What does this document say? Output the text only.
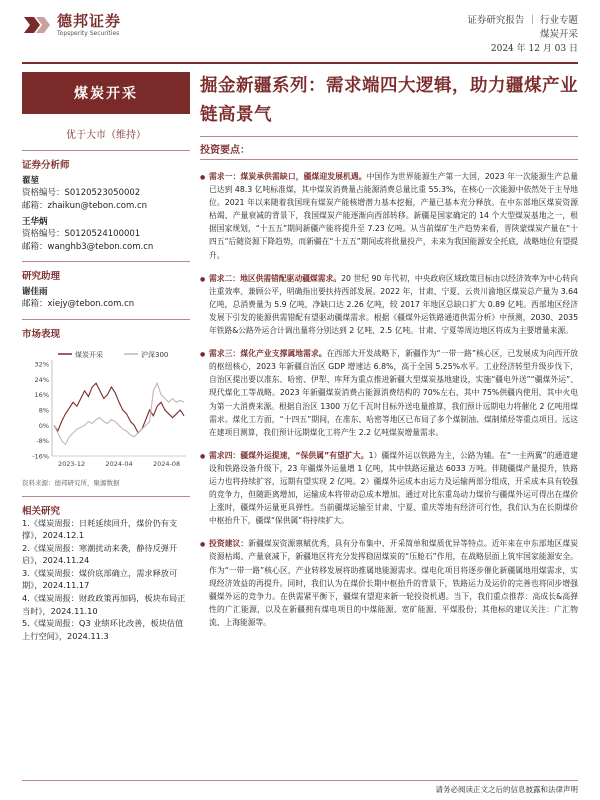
德邦证券
Topsperity Securities
证券研究报告 ｜ 行业专题
煤炭开采
2024 年 12 月 03 日
煤炭开采
优于大市（维持）
证券分析师
翟堃
资格编号：S0120523050002
邮箱：zhaikun@tebon.com.cn
王华炳
资格编号：S0120524100001
邮箱：wanghb3@tebon.com.cn
研究助理
谢佳雨
邮箱：xiejy@tebon.com.cn
市场表现
煤炭开采	沪深300
32%
24%
16%
8%
0%
-8%
-16%
2023-12	2024-04	2024-08
资料来源：德邦研究所，聚源数据
相关研究
1.《煤炭周报：日耗延续回升，煤价仍有支撑》，2024.12.1
2.《煤炭周报：寒潮扰动来袭，静待反弹开启》，2024.11.24
3.《煤炭周报：煤价底部确立，需求释放可期》，2024.11.17
4.《煤炭周报：财政政策再加码，板块布局正当时》，2024.11.10
5.《煤炭周报：Q3 业绩环比改善，板块估值上行空间》，2024.11.3
掘金新疆系列：需求端四大逻辑，助力疆煤产业链高景气
投资要点：
● 需求一：煤炭承供需缺口，疆煤迎发展机遇。中国作为世界能源生产第一大国，2023 年一次能源生产总量已达到 48.3 亿吨标准煤，其中煤炭消费量占能源消费总量比重 55.3%，在核心一次能源中依然处于主导地位。2021 年以来随着我国现有煤炭产能核增潜力基本挖掘，产量已基本充分释放。在中东部地区煤炭资源枯竭、产量衰减的背景下，我国煤炭产能逐渐向西部转移。新疆是国家确定的 14 个大型煤炭基地之一，根据国家规划，“十五五”期间新疆产能将提升至 7.23 亿吨。从当前煤矿生产趋势来看，晋陕蒙煤炭产量在“十四五”后随资源下降趋势，而新疆在“十五五”期间或将批量投产，未来为我国能源安全托底，战略地位有望提升。
● 需求二：地区供需错配驱动疆煤需求。20 世纪 90 年代初，中央政府区域政策目标由以经济效率为中心转向注重效率、兼顾公平，明确指出要扶持西部发展。2022 年，甘肃、宁夏、云贵川渝地区煤炭总产量为 3.64 亿吨，总消费量为 5.9 亿吨，净缺口达 2.26 亿吨，较 2017 年地区总缺口扩大 0.89 亿吨。西部地区经济发展下引发的能源供需错配有望驱动疆煤需求。根据《疆煤外运铁路通道供需分析》中预测，2030、2035 年铁路&公路外运合计调出量将分别达到 2 亿吨、2.5 亿吨。甘肃、宁夏等周边地区将成为主要增量来源。
● 需求三：煤化产业支撑属地需求。在西部大开发战略下，新疆作为“一带一路”核心区，已发展成为向西开放的枢纽核心，2023 年新疆自治区 GDP 增速达 6.8%，高于全国 5.25%水平。工业经济转型升级步伐下，自治区提出要以准东、哈密、伊犁、库拜为重点推进新疆大型煤炭基地建设，实施“疆电外送”“疆煤外运”、现代煤化工等战略。2023 年新疆煤炭消费占能源消费结构的 70%左右，其中 75%供疆内使用，其中火电为第一大消费来源。根据自治区 1300 万亿千瓦时目标外送电量推算，我们预计远期电力将催化 2 亿吨用煤需求。煤化工方面，“十四五”期间，在准东、哈密等地区已布局了多个煤制油、煤制烯烃等重点项目。远这在建项目测算，我们预计远期煤化工将产生 2.2 亿吨煤炭增量需求。
● 需求四：疆煤外运提速，“保供属”有望扩大。1）疆煤外运以铁路为主，公路为辅。在“一主两翼”的通道建设和铁路设备升级下，23 年疆煤外运量增 1 亿吨，其中铁路运量达 6033 万吨。伴随疆煤产量提升，铁路运力也将持续扩容，远期有望实现 2 亿吨。2）疆煤外运成本由运力及运输两部分组成，开采成本具有较强的竞争力，但随距离增加，运输成本将带动总成本增加。通过对比东重岛动力煤价与疆煤外运可得出在煤价上涨时，疆煤外运量更具弹性。当前疆煤运输至甘肃、宁夏、重庆等地有经济可行性，我们认为在长期煤价中枢抬升下，疆煤“保供属”将持续扩大。
● 投资建议：新疆煤炭资源禀赋优秀，具有分布集中、开采简单和煤质优异等特点。近年来在中东部地区煤炭资源枯竭、产量衰减下，新疆地区将充分发挥稳固煤炭的“压舱石”作用，在战略层面上筑牢国家能源安全。作为“一带一路”核心区，产业转移发展将助推属地能源需求。煤电化项目将逐步催化新疆属地用煤需求，实现经济效益的再提升。同时，我们认为在煤价长期中枢抬升的背景下，铁路运力及运价的完善也将同步增强疆煤外运的竞争力。在供需紧平衡下，疆煤有望迎来新一轮投资机遇。当下，我们重点推荐：高成长&高弹性的广汇能源，以及在新疆拥有煤电项目的中煤能源、宽矿能源、平煤股份；其他标的建议关注：广汇物流、上海能源等。
请务必阅读正文之后的信息披露和法律声明
